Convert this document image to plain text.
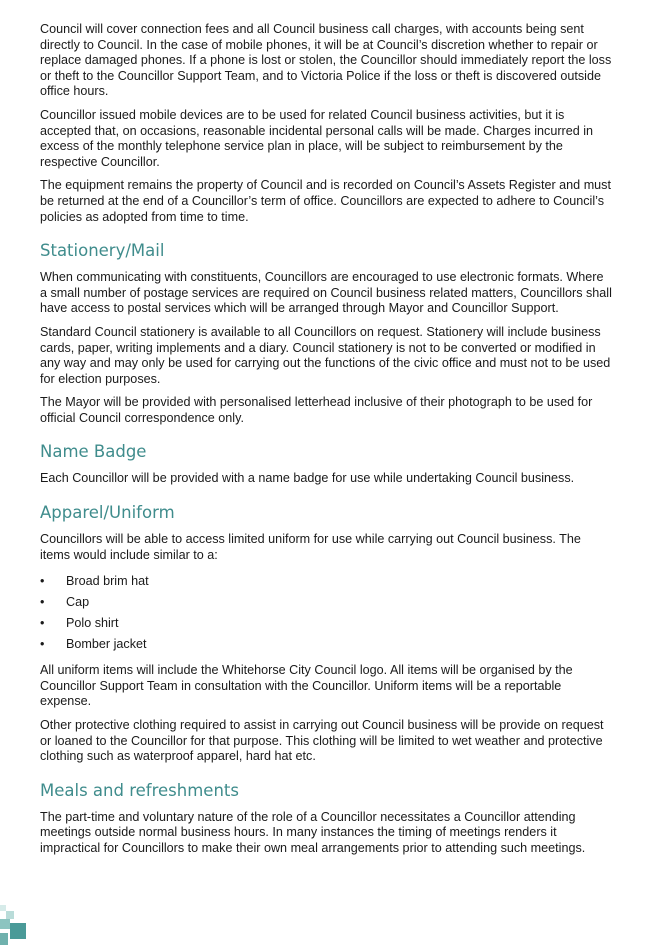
Council will cover connection fees and all Council business call charges, with accounts being sent directly to Council. In the case of mobile phones, it will be at Council’s discretion whether to repair or replace damaged phones. If a phone is lost or stolen, the Councillor should immediately report the loss or theft to the Councillor Support Team, and to Victoria Police if the loss or theft is discovered outside office hours.

Councillor issued mobile devices are to be used for related Council business activities, but it is accepted that, on occasions, reasonable incidental personal calls will be made. Charges incurred in excess of the monthly telephone service plan in place, will be subject to reimbursement by the respective Councillor.

The equipment remains the property of Council and is recorded on Council’s Assets Register and must be returned at the end of a Councillor’s term of office. Councillors are expected to adhere to Council’s policies as adopted from time to time.

Stationery/Mail

When communicating with constituents, Councillors are encouraged to use electronic formats. Where a small number of postage services are required on Council business related matters, Councillors shall have access to postal services which will be arranged through Mayor and Councillor Support.

Standard Council stationery is available to all Councillors on request. Stationery will include business cards, paper, writing implements and a diary. Council stationery is not to be converted or modified in any way and may only be used for carrying out the functions of the civic office and must not to be used for election purposes.

The Mayor will be provided with personalised letterhead inclusive of their photograph to be used for official Council correspondence only.

Name Badge

Each Councillor will be provided with a name badge for use while undertaking Council business.

Apparel/Uniform

Councillors will be able to access limited uniform for use while carrying out Council business. The items would include similar to a:

• Broad brim hat
• Cap
• Polo shirt
• Bomber jacket

All uniform items will include the Whitehorse City Council logo. All items will be organised by the Councillor Support Team in consultation with the Councillor. Uniform items will be a reportable expense.

Other protective clothing required to assist in carrying out Council business will be provide on request or loaned to the Councillor for that purpose. This clothing will be limited to wet weather and protective clothing such as waterproof apparel, hard hat etc.

Meals and refreshments

The part-time and voluntary nature of the role of a Councillor necessitates a Councillor attending meetings outside normal business hours. In many instances the timing of meetings renders it impractical for Councillors to make their own meal arrangements prior to attending such meetings.
